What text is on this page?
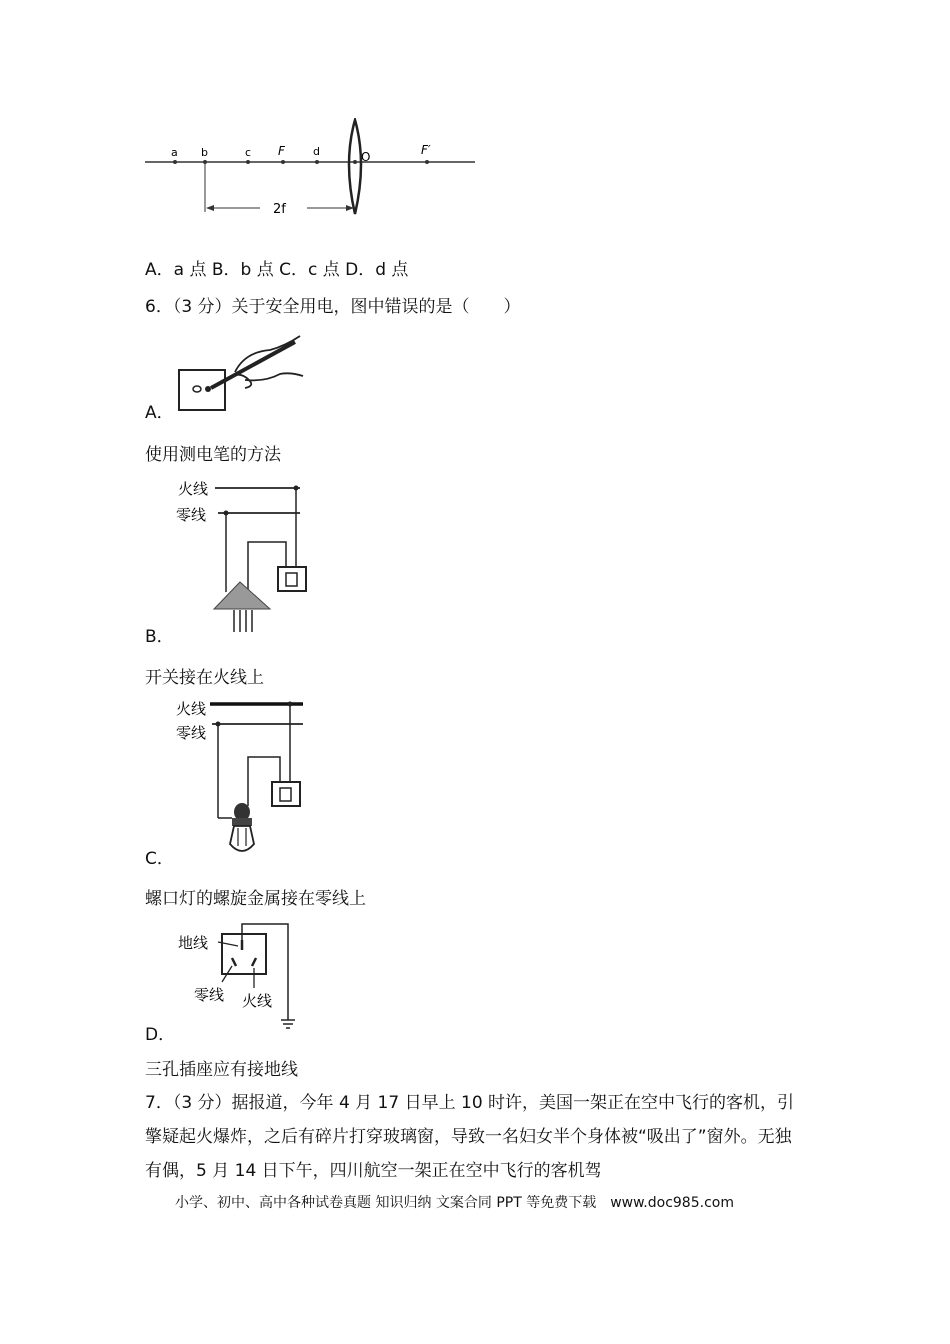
a b	c F	d	O	F′
2f
A．a 点 B．b 点 C．c 点 D．d 点
6．（3 分）关于安全用电，图中错误的是（　　）
A．
使用测电笔的方法
火线
零线
B．
开关接在火线上
火线
零线
C．
螺口灯的螺旋金属接在零线上
地线
零线 火线
D．
三孔插座应有接地线
7．（3 分）据报道，今年 4 月 17 日早上 10 时许，美国一架正在空中飞行的客机，引擎疑起火爆炸，之后有碎片打穿玻璃窗，导致一名妇女半个身体被“吸出了”窗外。无独有偶，5 月 14 日下午，四川航空一架正在空中飞行的客机驾
小学、初中、高中各种试卷真题 知识归纳 文案合同 PPT 等免费下载　www.doc985.com
